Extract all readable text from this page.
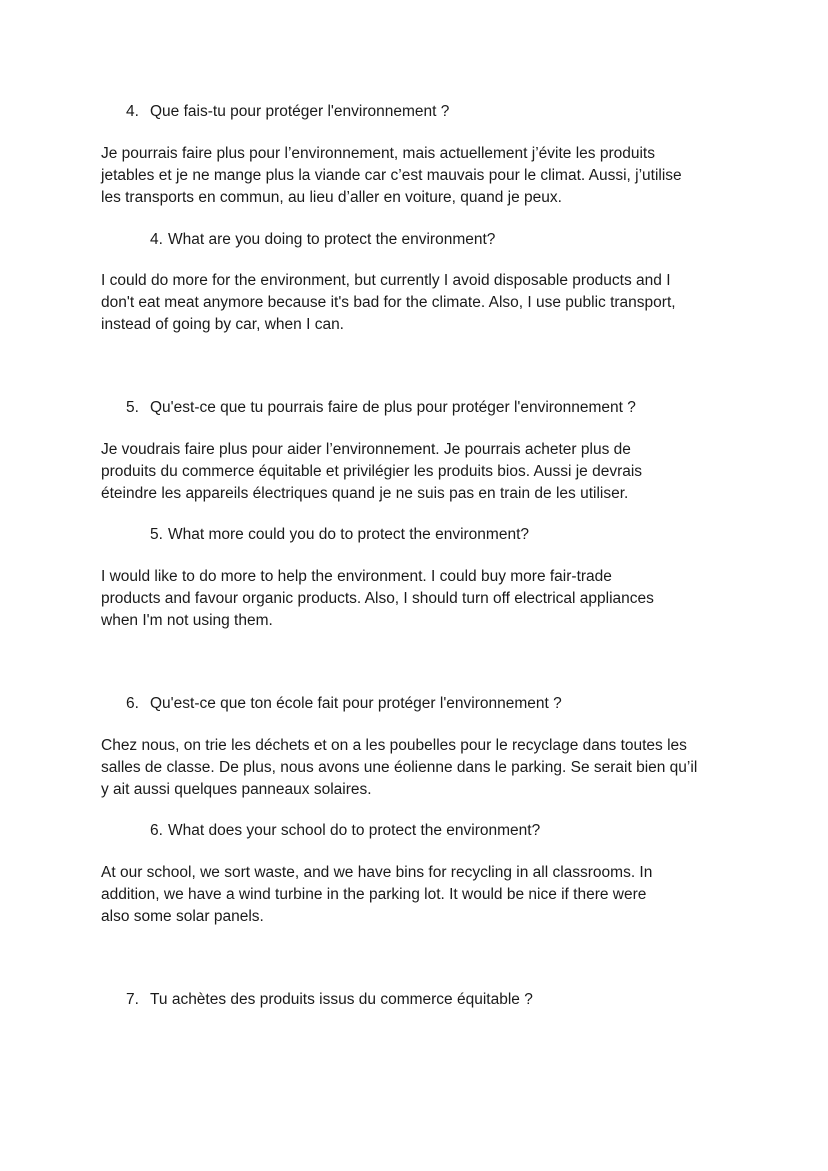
4. Que fais-tu pour protéger l'environnement ?
Je pourrais faire plus pour l’environnement, mais actuellement j’évite les produits
jetables et je ne mange plus la viande car c’est mauvais pour le climat. Aussi, j’utilise
les transports en commun, au lieu d’aller en voiture, quand je peux.
4. What are you doing to protect the environment?
I could do more for the environment, but currently I avoid disposable products and I
don't eat meat anymore because it's bad for the climate. Also, I use public transport,
instead of going by car, when I can.
5. Qu'est-ce que tu pourrais faire de plus pour protéger l'environnement ?
Je voudrais faire plus pour aider l’environnement. Je pourrais acheter plus de
produits du commerce équitable et privilégier les produits bios. Aussi je devrais
éteindre les appareils électriques quand je ne suis pas en train de les utiliser.
5. What more could you do to protect the environment?
I would like to do more to help the environment. I could buy more fair-trade
products and favour organic products. Also, I should turn off electrical appliances
when I'm not using them.
6. Qu'est-ce que ton école fait pour protéger l'environnement ?
Chez nous, on trie les déchets et on a les poubelles pour le recyclage dans toutes les
salles de classe. De plus, nous avons une éolienne dans le parking. Se serait bien qu’il
y ait aussi quelques panneaux solaires.
6. What does your school do to protect the environment?
At our school, we sort waste, and we have bins for recycling in all classrooms. In
addition, we have a wind turbine in the parking lot. It would be nice if there were
also some solar panels.
7. Tu achètes des produits issus du commerce équitable ?
